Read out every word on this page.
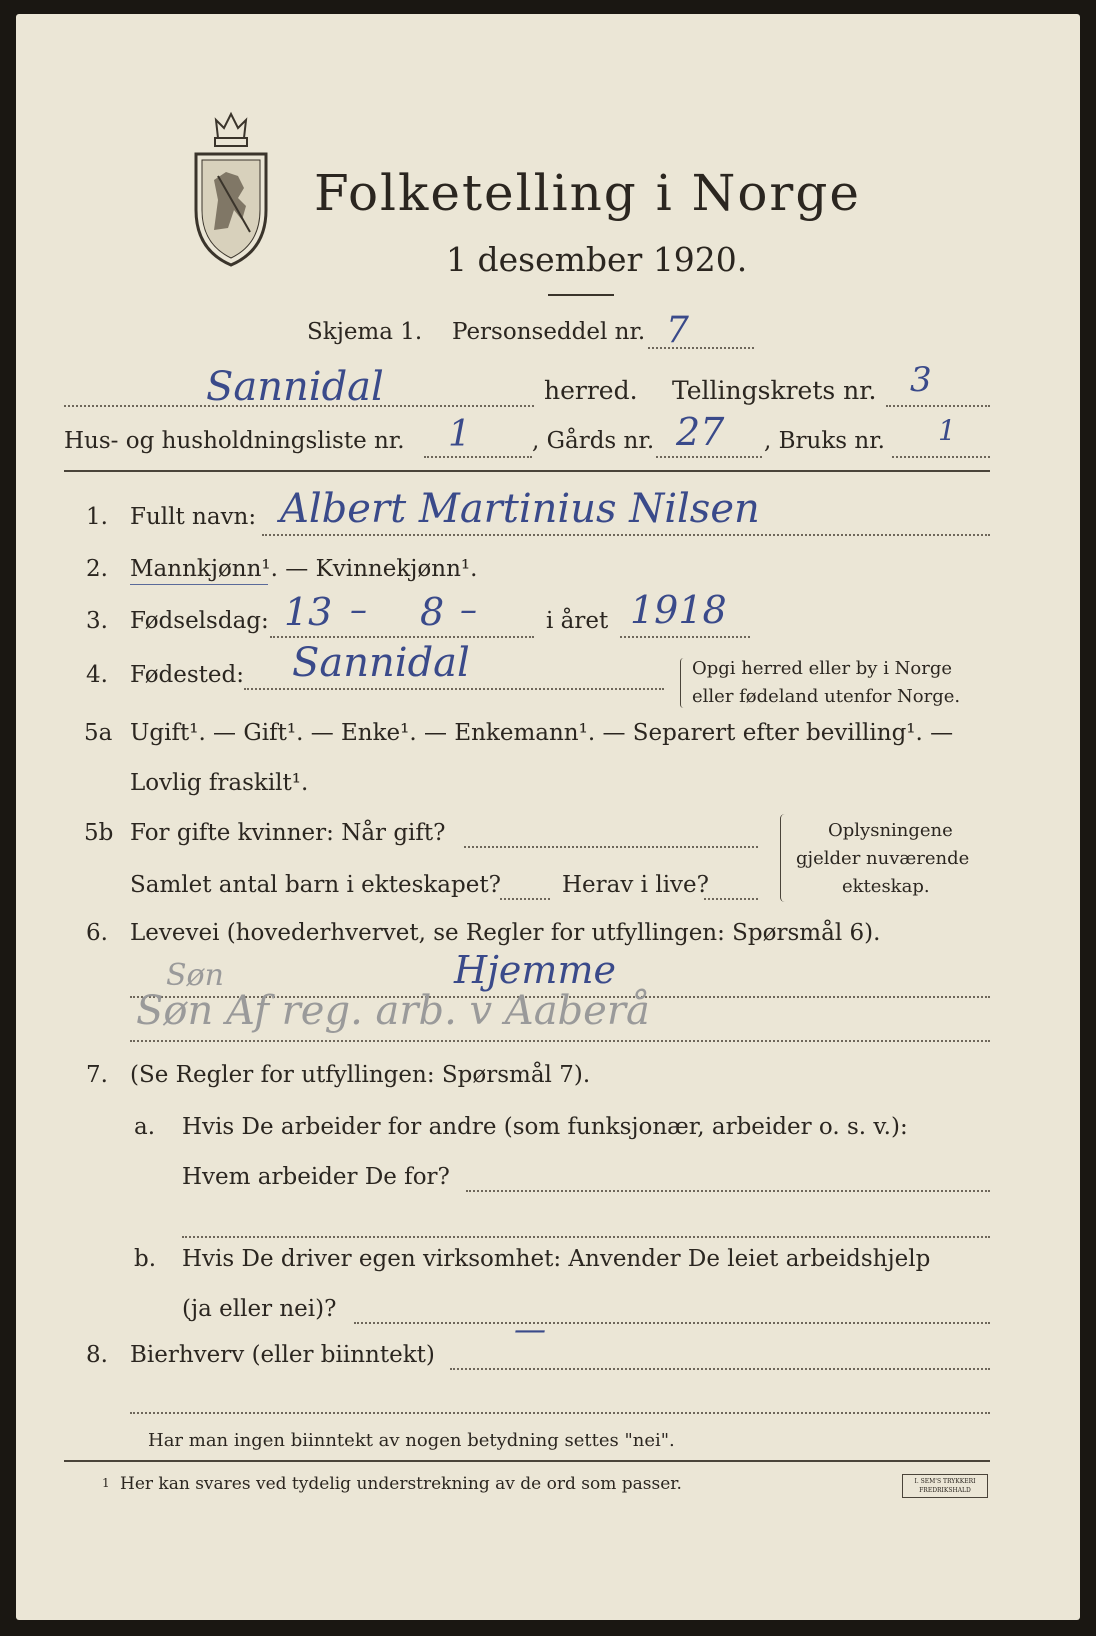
Folketelling i Norge
1 desember 1920.
Skjema 1. Personseddel nr. 7
Sannidal	herred. Tellingskrets nr. 3
Hus- og husholdningsliste nr. 1	, Gårds nr. 27 , Bruks nr. 1
1. Fullt navn: Albert Martinius Nilsen
2. Mannkjønn¹. — Kvinnekjønn¹.
3. Fødselsdag: 13 – 8 –	i året 1918
4. Fødested: Sannidal	Opgi herred eller by i Norge
eller fødeland utenfor Norge.
5a Ugift¹. — Gift¹. — Enke¹. — Enkemann¹. — Separert efter bevilling¹. —
Lovlig fraskilt¹.
5b For gifte kvinner: Når gift?
Samlet antal barn i ekteskapet?	Herav i live?
Oplysningene
gjelder nuværende
ekteskap.
6. Levevei (hovederhvervet, se Regler for utfyllingen: Spørsmål 6).
Søn	Hjemme
Søn Af reg. arb. v Aaberå
7. (Se Regler for utfyllingen: Spørsmål 7).
a. Hvis De arbeider for andre (som funksjonær, arbeider o. s. v.):
Hvem arbeider De for?
b. Hvis De driver egen virksomhet: Anvender De leiet arbeidshjelp
(ja eller nei)?
8. Bierhverv (eller biinntekt)
—
Har man ingen biinntekt av nogen betydning settes "nei".
1 Her kan svares ved tydelig understrekning av de ord som passer.	I. SEM'S TRYKKERI FREDRIKSHALD
